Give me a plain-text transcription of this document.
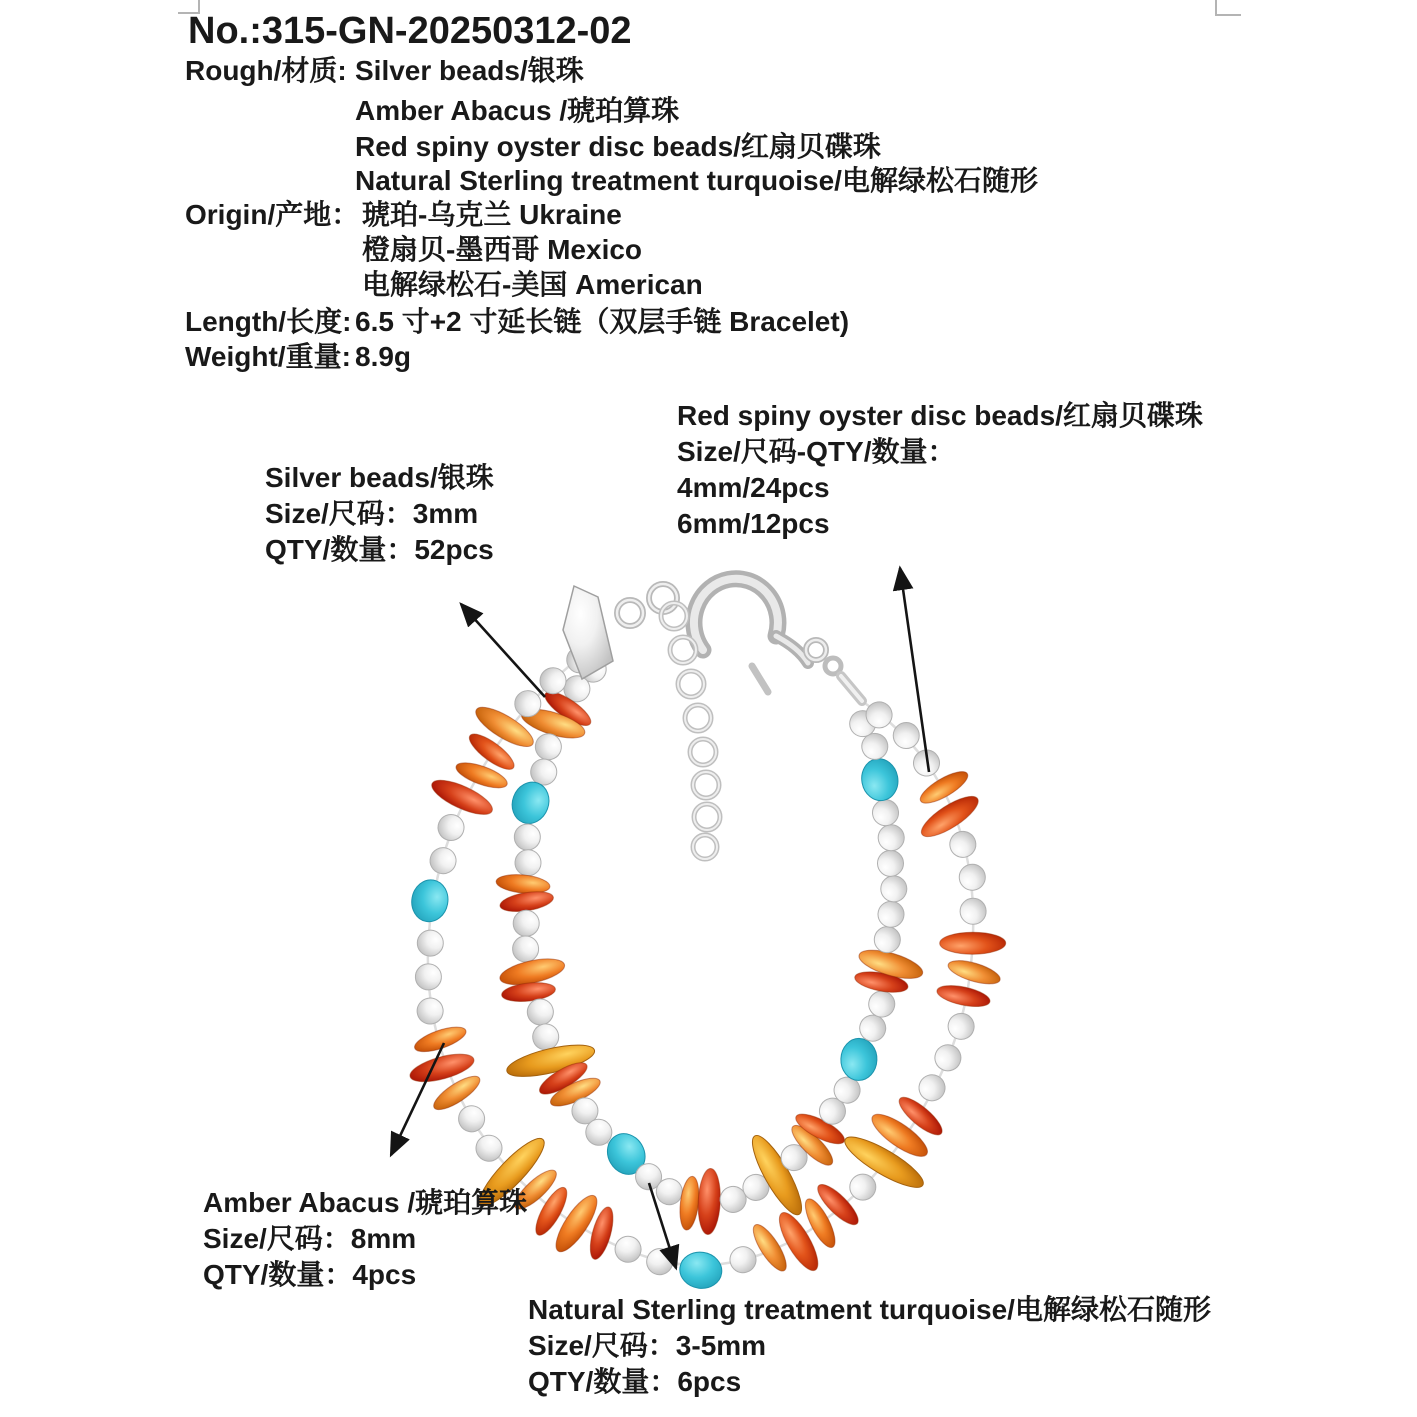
No.:315-GN-20250312-02
Rough/材质: Silver beads/银珠
Amber Abacus /琥珀算珠
Red spiny oyster disc beads/红扇贝碟珠
Natural Sterling treatment turquoise/电解绿松石随形
Origin/产地： 琥珀-乌克兰 Ukraine
橙扇贝-墨西哥 Mexico
电解绿松石-美国 American
Length/长度: 6.5 寸+2 寸延长链（双层手链 Bracelet)
Weight/重量: 8.9g
Silver beads/银珠
Size/尺码：3mm
QTY/数量：52pcs
Red spiny oyster disc beads/红扇贝碟珠
Size/尺码-QTY/数量：
4mm/24pcs
6mm/12pcs
Amber Abacus /琥珀算珠
Size/尺码：8mm
QTY/数量：4pcs
Natural Sterling treatment turquoise/电解绿松石随形
Size/尺码：3-5mm
QTY/数量：6pcs
